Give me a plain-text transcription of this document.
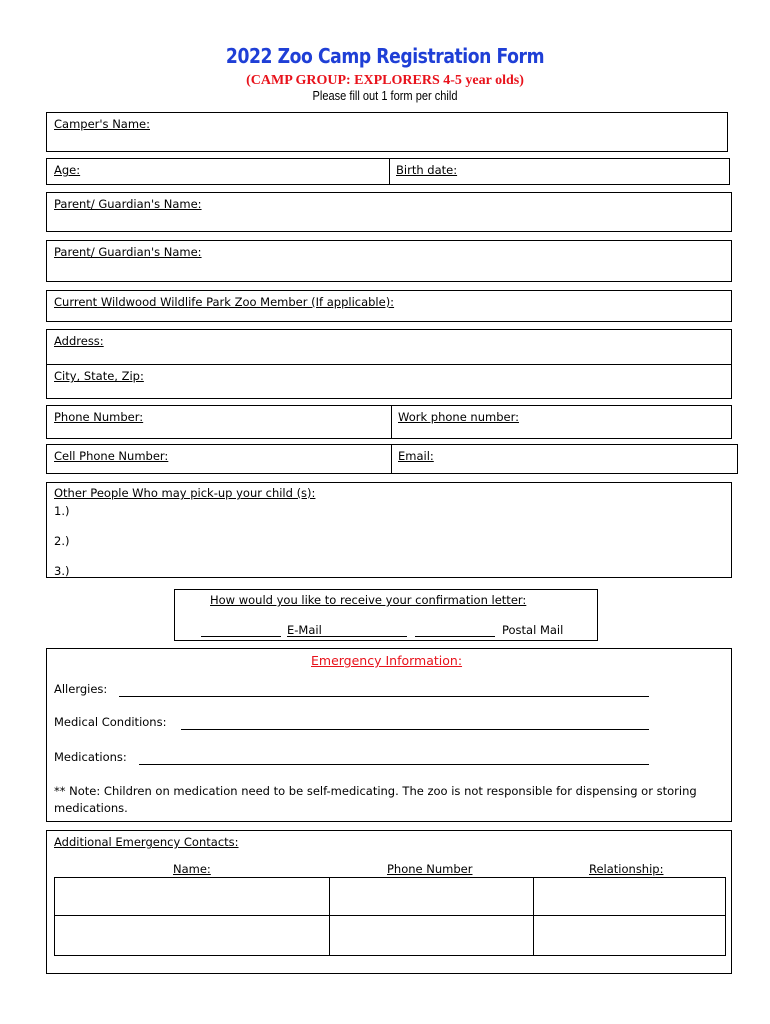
2022 Zoo Camp Registration Form
(CAMP GROUP: EXPLORERS 4-5 year olds)
Please fill out 1 form per child
Camper's Name:
Age:	Birth date:
Parent/ Guardian's Name:
Parent/ Guardian's Name:
Current Wildwood Wildlife Park Zoo Member (If applicable):
Address:
City, State, Zip:
Phone Number:	Work phone number:
Cell Phone Number:	Email:
Other People Who may pick-up your child (s):
1.)
2.)
3.)
How would you like to receive your confirmation letter:
E-Mail	Postal Mail
Emergency Information:
Allergies:
Medical Conditions:
Medications:
** Note: Children on medication need to be self-medicating. The zoo is not responsible for dispensing or storing medications.
Additional Emergency Contacts:
Name:	Phone Number	Relationship:
